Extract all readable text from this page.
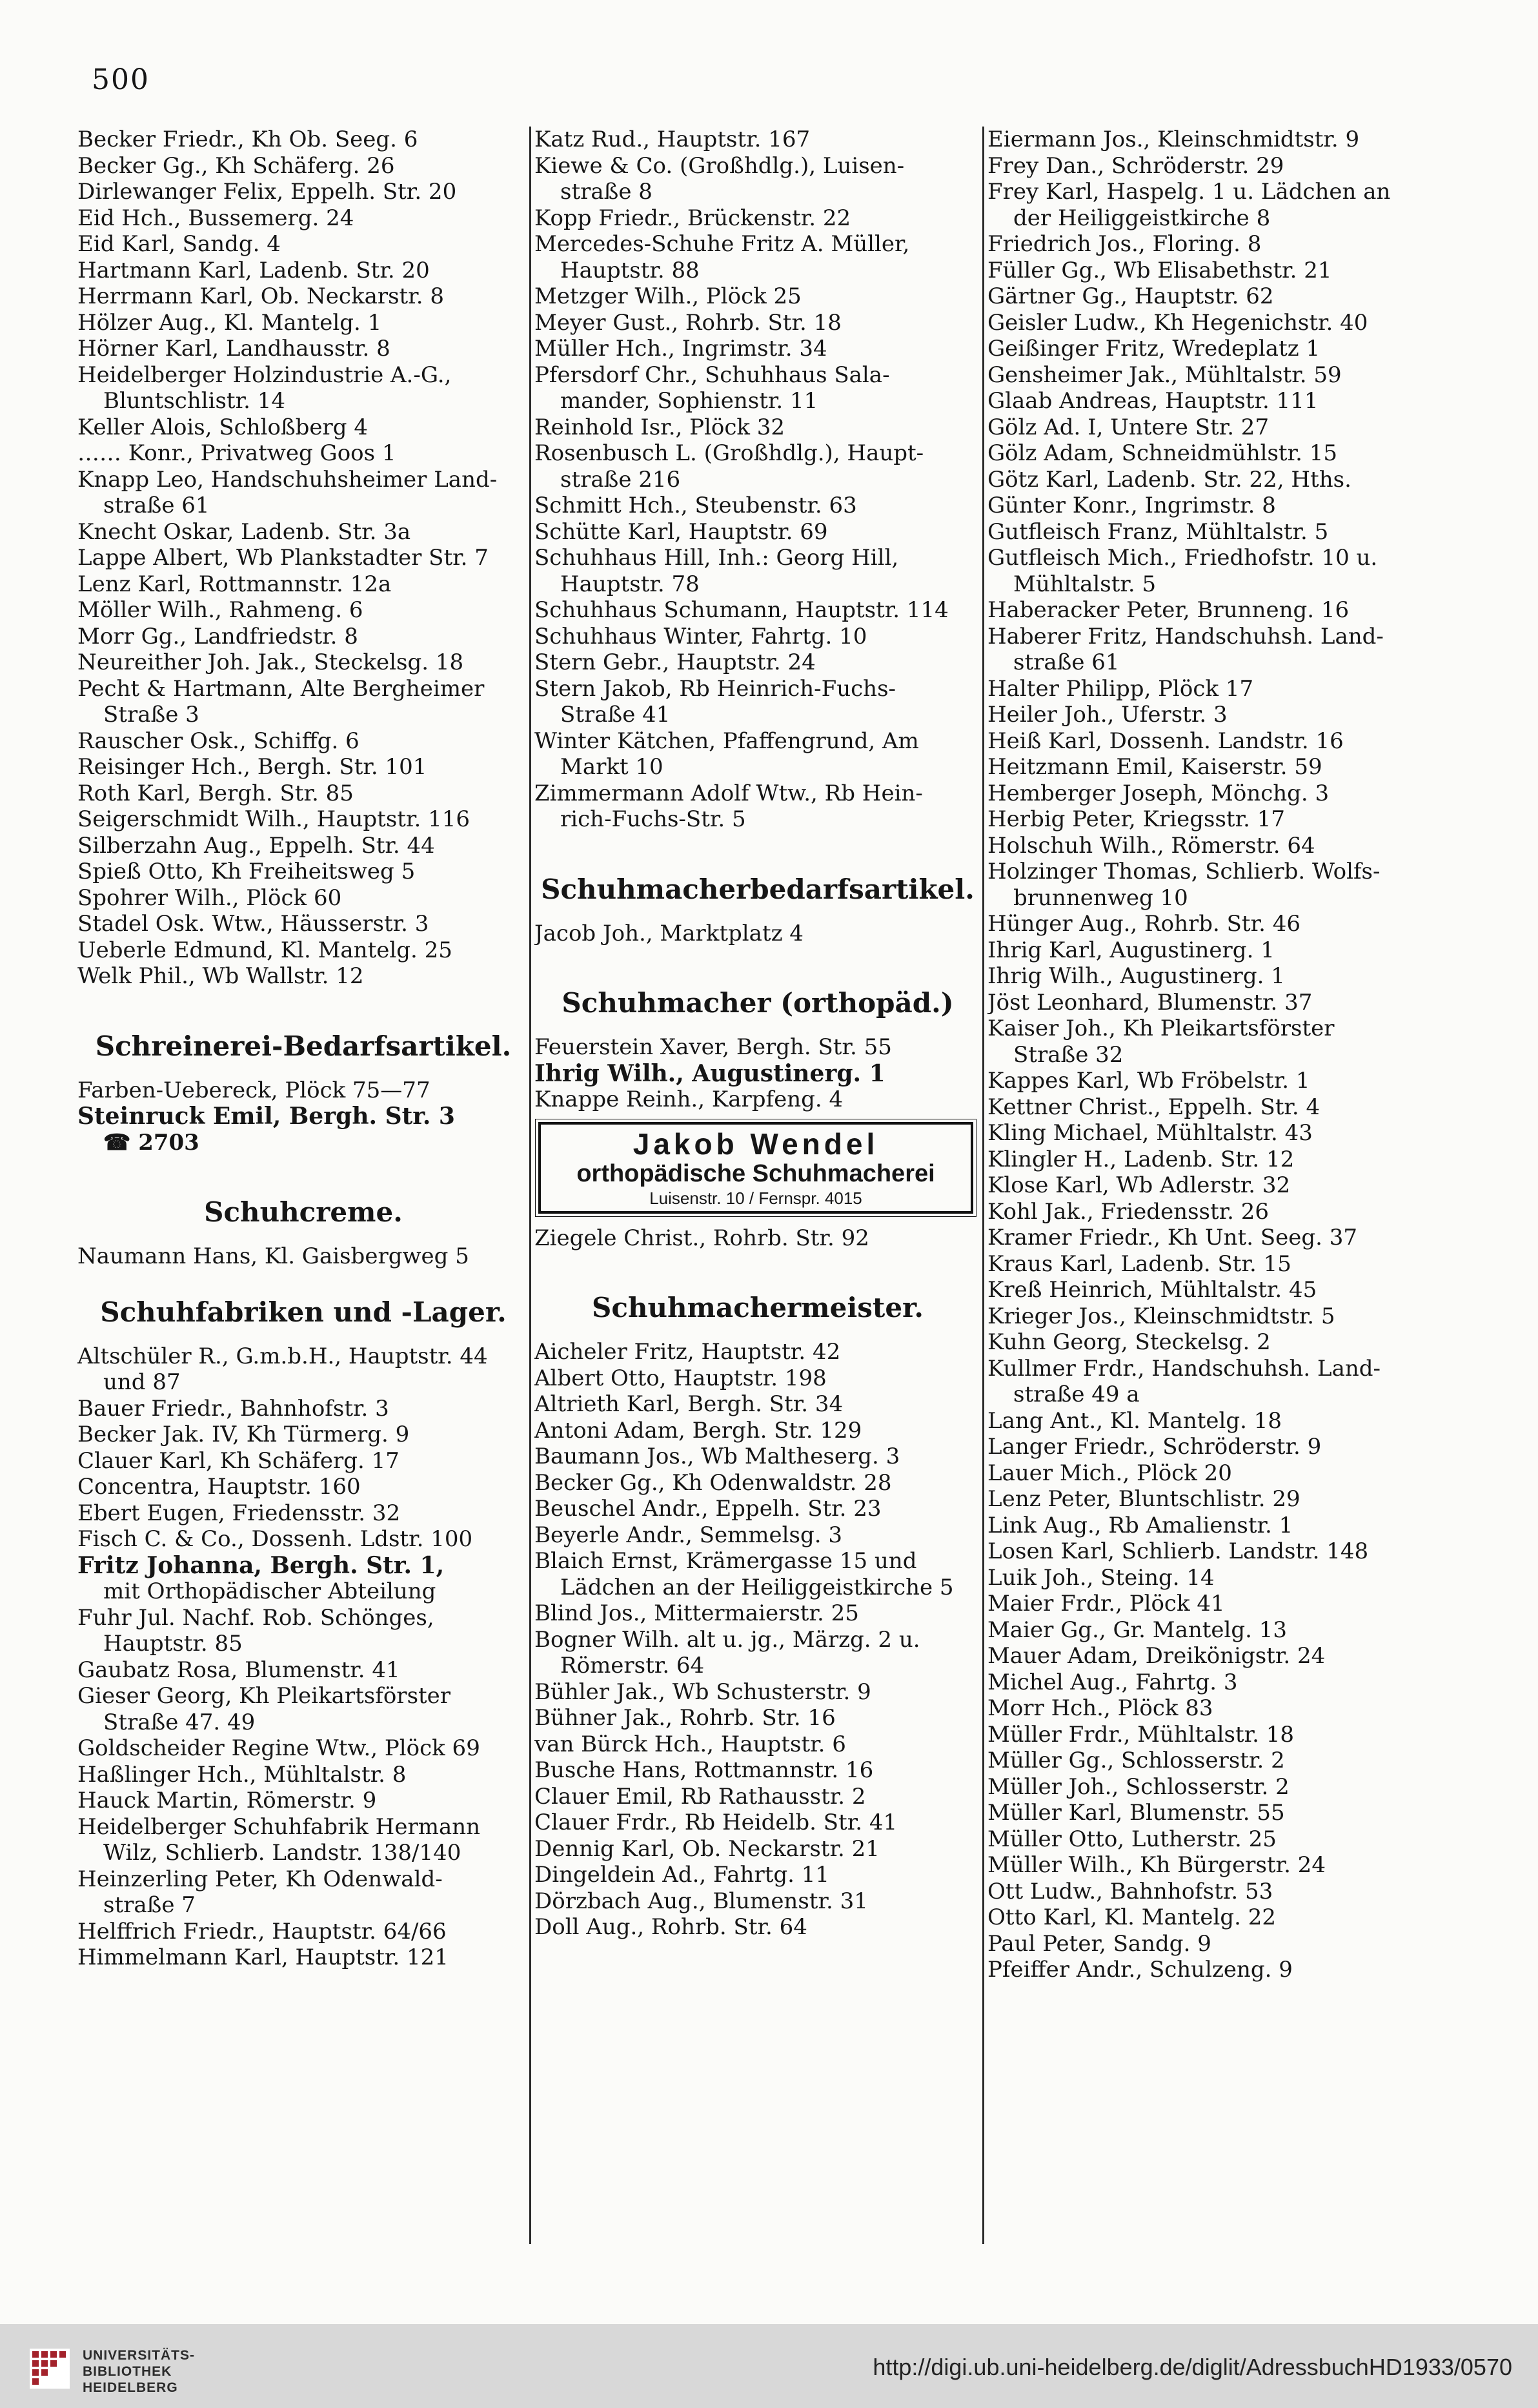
500
Becker Friedr., Kh Ob. Seeg. 6
Becker Gg., Kh Schäferg. 26
Dirlewanger Felix, Eppelh. Str. 20
Eid Hch., Bussemerg. 24
Eid Karl, Sandg. 4
Hartmann Karl, Ladenb. Str. 20
Herrmann Karl, Ob. Neckarstr. 8
Hölzer Aug., Kl. Mantelg. 1
Hörner Karl, Landhausstr. 8
Heidelberger Holzindustrie A.-G.,
Bluntschlistr. 14
Keller Alois, Schloßberg 4
…… Konr., Privatweg Goos 1
Knapp Leo, Handschuhsheimer Land-
straße 61
Knecht Oskar, Ladenb. Str. 3a
Lappe Albert, Wb Plankstadter Str. 7
Lenz Karl, Rottmannstr. 12a
Möller Wilh., Rahmeng. 6
Morr Gg., Landfriedstr. 8
Neureither Joh. Jak., Steckelsg. 18
Pecht & Hartmann, Alte Bergheimer
Straße 3
Rauscher Osk., Schiffg. 6
Reisinger Hch., Bergh. Str. 101
Roth Karl, Bergh. Str. 85
Seigerschmidt Wilh., Hauptstr. 116
Silberzahn Aug., Eppelh. Str. 44
Spieß Otto, Kh Freiheitsweg 5
Spohrer Wilh., Plöck 60
Stadel Osk. Wtw., Häusserstr. 3
Ueberle Edmund, Kl. Mantelg. 25
Welk Phil., Wb Wallstr. 12
Schreinerei-Bedarfsartikel.
Farben-Uebereck, Plöck 75—77
Steinruck Emil, Bergh. Str. 3
☎ 2703
Schuhcreme.
Naumann Hans, Kl. Gaisbergweg 5
Schuhfabriken und -Lager.
Altschüler R., G.m.b.H., Hauptstr. 44
und 87
Bauer Friedr., Bahnhofstr. 3
Becker Jak. IV, Kh Türmerg. 9
Clauer Karl, Kh Schäferg. 17
Concentra, Hauptstr. 160
Ebert Eugen, Friedensstr. 32
Fisch C. & Co., Dossenh. Ldstr. 100
Fritz Johanna, Bergh. Str. 1,
mit Orthopädischer Abteilung
Fuhr Jul. Nachf. Rob. Schönges,
Hauptstr. 85
Gaubatz Rosa, Blumenstr. 41
Gieser Georg, Kh Pleikartsförster
Straße 47. 49
Goldscheider Regine Wtw., Plöck 69
Haßlinger Hch., Mühltalstr. 8
Hauck Martin, Römerstr. 9
Heidelberger Schuhfabrik Hermann
Wilz, Schlierb. Landstr. 138/140
Heinzerling Peter, Kh Odenwald-
straße 7
Helffrich Friedr., Hauptstr. 64/66
Himmelmann Karl, Hauptstr. 121
Katz Rud., Hauptstr. 167
Kiewe & Co. (Großhdlg.), Luisen-
straße 8
Kopp Friedr., Brückenstr. 22
Mercedes-Schuhe Fritz A. Müller,
Hauptstr. 88
Metzger Wilh., Plöck 25
Meyer Gust., Rohrb. Str. 18
Müller Hch., Ingrimstr. 34
Pfersdorf Chr., Schuhhaus Sala-
mander, Sophienstr. 11
Reinhold Isr., Plöck 32
Rosenbusch L. (Großhdlg.), Haupt-
straße 216
Schmitt Hch., Steubenstr. 63
Schütte Karl, Hauptstr. 69
Schuhhaus Hill, Inh.: Georg Hill,
Hauptstr. 78
Schuhhaus Schumann, Hauptstr. 114
Schuhhaus Winter, Fahrtg. 10
Stern Gebr., Hauptstr. 24
Stern Jakob, Rb Heinrich-Fuchs-
Straße 41
Winter Kätchen, Pfaffengrund, Am
Markt 10
Zimmermann Adolf Wtw., Rb Hein-
rich-Fuchs-Str. 5
Schuhmacherbedarfsartikel.
Jacob Joh., Marktplatz 4
Schuhmacher (orthopäd.)
Feuerstein Xaver, Bergh. Str. 55
Ihrig Wilh., Augustinerg. 1
Knappe Reinh., Karpfeng. 4
Jakob Wendel
orthopädische Schuhmacherei
Luisenstr. 10 / Fernspr. 4015
Ziegele Christ., Rohrb. Str. 92
Schuhmachermeister.
Aicheler Fritz, Hauptstr. 42
Albert Otto, Hauptstr. 198
Altrieth Karl, Bergh. Str. 34
Antoni Adam, Bergh. Str. 129
Baumann Jos., Wb Maltheserg. 3
Becker Gg., Kh Odenwaldstr. 28
Beuschel Andr., Eppelh. Str. 23
Beyerle Andr., Semmelsg. 3
Blaich Ernst, Krämergasse 15 und
Lädchen an der Heiliggeistkirche 5
Blind Jos., Mittermaierstr. 25
Bogner Wilh. alt u. jg., Märzg. 2 u.
Römerstr. 64
Bühler Jak., Wb Schusterstr. 9
Bühner Jak., Rohrb. Str. 16
van Bürck Hch., Hauptstr. 6
Busche Hans, Rottmannstr. 16
Clauer Emil, Rb Rathausstr. 2
Clauer Frdr., Rb Heidelb. Str. 41
Dennig Karl, Ob. Neckarstr. 21
Dingeldein Ad., Fahrtg. 11
Dörzbach Aug., Blumenstr. 31
Doll Aug., Rohrb. Str. 64
Eiermann Jos., Kleinschmidtstr. 9
Frey Dan., Schröderstr. 29
Frey Karl, Haspelg. 1 u. Lädchen an
der Heiliggeistkirche 8
Friedrich Jos., Floring. 8
Füller Gg., Wb Elisabethstr. 21
Gärtner Gg., Hauptstr. 62
Geisler Ludw., Kh Hegenichstr. 40
Geißinger Fritz, Wredeplatz 1
Gensheimer Jak., Mühltalstr. 59
Glaab Andreas, Hauptstr. 111
Gölz Ad. I, Untere Str. 27
Gölz Adam, Schneidmühlstr. 15
Götz Karl, Ladenb. Str. 22, Hths.
Günter Konr., Ingrimstr. 8
Gutfleisch Franz, Mühltalstr. 5
Gutfleisch Mich., Friedhofstr. 10 u.
Mühltalstr. 5
Haberacker Peter, Brunneng. 16
Haberer Fritz, Handschuhsh. Land-
straße 61
Halter Philipp, Plöck 17
Heiler Joh., Uferstr. 3
Heiß Karl, Dossenh. Landstr. 16
Heitzmann Emil, Kaiserstr. 59
Hemberger Joseph, Mönchg. 3
Herbig Peter, Kriegsstr. 17
Holschuh Wilh., Römerstr. 64
Holzinger Thomas, Schlierb. Wolfs-
brunnenweg 10
Hünger Aug., Rohrb. Str. 46
Ihrig Karl, Augustinerg. 1
Ihrig Wilh., Augustinerg. 1
Jöst Leonhard, Blumenstr. 37
Kaiser Joh., Kh Pleikartsförster
Straße 32
Kappes Karl, Wb Fröbelstr. 1
Kettner Christ., Eppelh. Str. 4
Kling Michael, Mühltalstr. 43
Klingler H., Ladenb. Str. 12
Klose Karl, Wb Adlerstr. 32
Kohl Jak., Friedensstr. 26
Kramer Friedr., Kh Unt. Seeg. 37
Kraus Karl, Ladenb. Str. 15
Kreß Heinrich, Mühltalstr. 45
Krieger Jos., Kleinschmidtstr. 5
Kuhn Georg, Steckelsg. 2
Kullmer Frdr., Handschuhsh. Land-
straße 49 a
Lang Ant., Kl. Mantelg. 18
Langer Friedr., Schröderstr. 9
Lauer Mich., Plöck 20
Lenz Peter, Bluntschlistr. 29
Link Aug., Rb Amalienstr. 1
Losen Karl, Schlierb. Landstr. 148
Luik Joh., Steing. 14
Maier Frdr., Plöck 41
Maier Gg., Gr. Mantelg. 13
Mauer Adam, Dreikönigstr. 24
Michel Aug., Fahrtg. 3
Morr Hch., Plöck 83
Müller Frdr., Mühltalstr. 18
Müller Gg., Schlosserstr. 2
Müller Joh., Schlosserstr. 2
Müller Karl, Blumenstr. 55
Müller Otto, Lutherstr. 25
Müller Wilh., Kh Bürgerstr. 24
Ott Ludw., Bahnhofstr. 53
Otto Karl, Kl. Mantelg. 22
Paul Peter, Sandg. 9
Pfeiffer Andr., Schulzeng. 9
UNIVERSITÄTS-
BIBLIOTHEK
HEIDELBERG
http://digi.ub.uni-heidelberg.de/diglit/AdressbuchHD1933/0570
